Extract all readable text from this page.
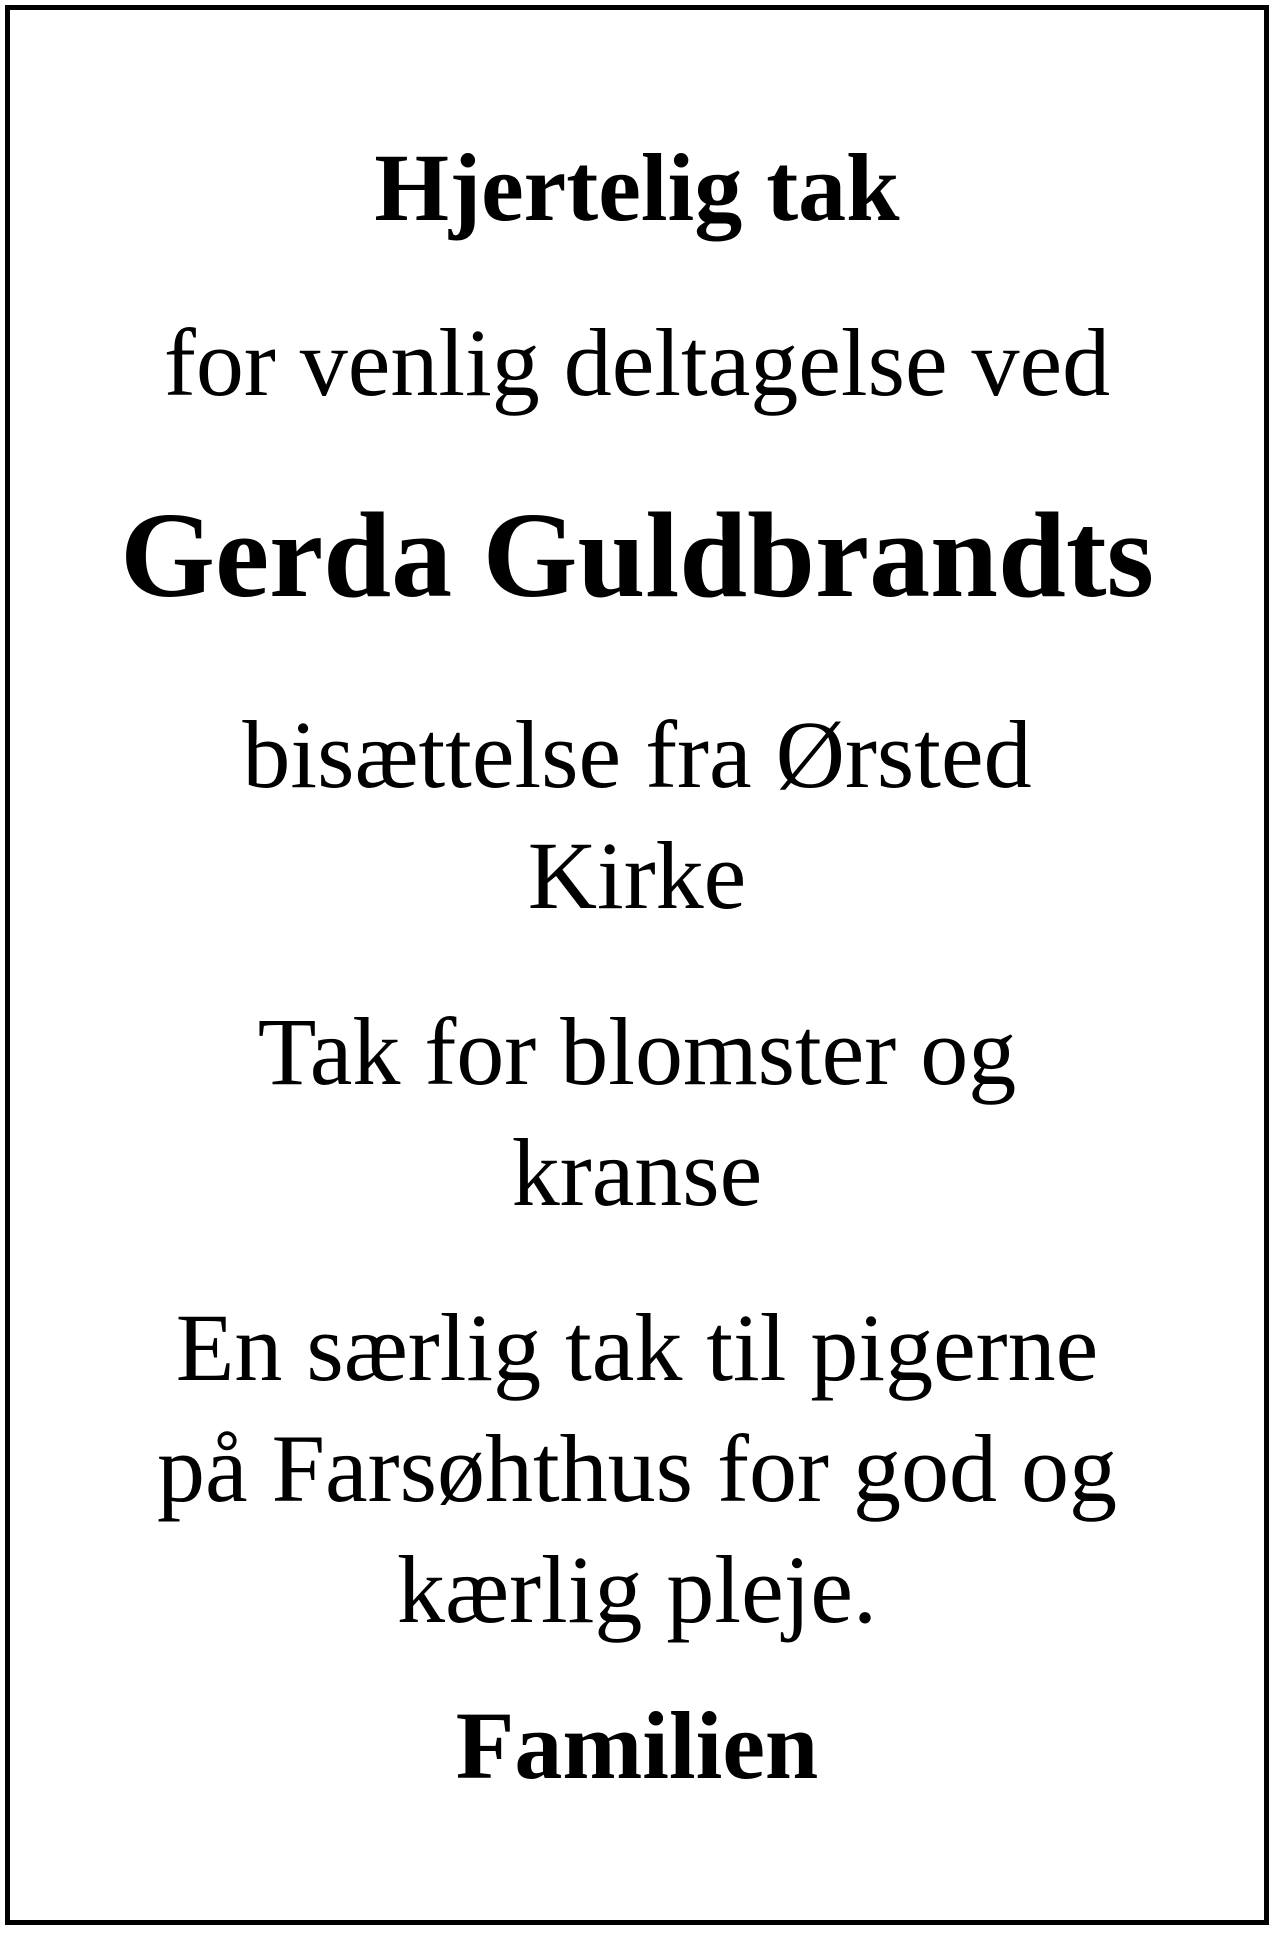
Hjertelig tak
for venlig deltagelse ved
Gerda Guldbrandts
bisættelse fra Ørsted
Kirke
Tak for blomster og
kranse
En særlig tak til pigerne
på Farsøhthus for god og
kærlig pleje.
Familien
